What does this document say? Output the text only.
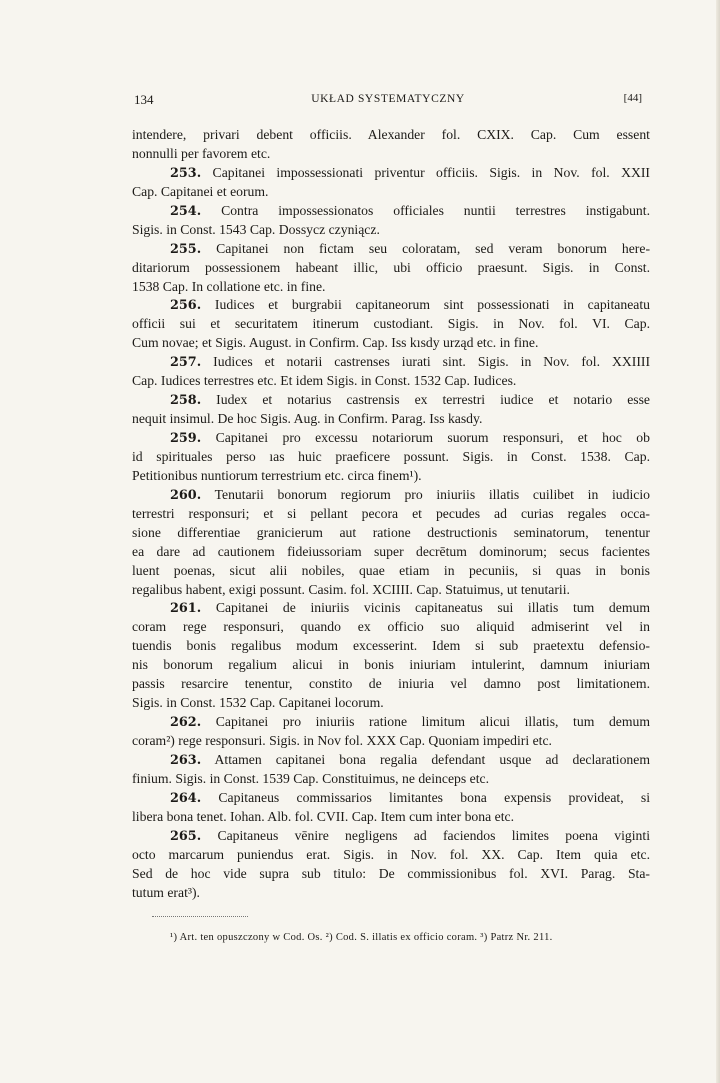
134	UKŁAD SYSTEMATYCZNY	[44]
intendere, privari debent officiis. Alexander fol. CXIX. Cap. Cum essent
nonnulli per favorem etc.
253. Capitanei impossessionati priventur officiis. Sigis. in Nov. fol. XXII
Cap. Capitanei et eorum.
254. Contra impossessionatos officiales nuntii terrestres instigabunt.
Sigis. in Const. 1543 Cap. Dossycz czyniącz.
255. Capitanei non fictam seu coloratam, sed veram bonorum here-
ditariorum possessionem habeant illic, ubi officio praesunt. Sigis. in Const.
1538 Cap. In collatione etc. in fine.
256. Iudices et burgrabii capitaneorum sint possessionati in capitaneatu
officii sui et securitatem itinerum custodiant. Sigis. in Nov. fol. VI. Cap.
Cum novae; et Sigis. August. in Confirm. Cap. Iss kısdy urząd etc. in fine.
257. Iudices et notarii castrenses iurati sint. Sigis. in Nov. fol. XXIIII
Cap. Iudices terrestres etc. Et idem Sigis. in Const. 1532 Cap. Iudices.
258. Iudex et notarius castrensis ex terrestri iudice et notario esse
nequit insimul. De hoc Sigis. Aug. in Confirm. Parag. Iss kasdy.
259. Capitanei pro excessu notariorum suorum responsuri, et hoc ob
id spirituales perso ıas huic praeficere possunt. Sigis. in Const. 1538. Cap.
Petitionibus nuntiorum terrestrium etc. circa finem¹).
260. Tenutarii bonorum regiorum pro iniuriis illatis cuilibet in iudicio
terrestri responsuri; et si pellant pecora et pecudes ad curias regales occa-
sione differentiae granicierum aut ratione destructionis seminatorum, tenentur
ea dare ad cautionem fideiussoriam super decrētum dominorum; secus facientes
luent poenas, sicut alii nobiles, quae etiam in pecuniis, si quas in bonis
regalibus habent, exigi possunt. Casim. fol. XCIIII. Cap. Statuimus, ut tenutarii.
261. Capitanei de iniuriis vicinis capitaneatus sui illatis tum demum
coram rege responsuri, quando ex officio suo aliquid admiserint vel in
tuendis bonis regalibus modum excesserint. Idem si sub praetextu defensio-
nis bonorum regalium alicui in bonis iniuriam intulerint, damnum iniuriam
passis resarcire tenentur, constito de iniuria vel damno post limitationem.
Sigis. in Const. 1532 Cap. Capitanei locorum.
262. Capitanei pro iniuriis ratione limitum alicui illatis, tum demum
coram²) rege responsuri. Sigis. in Nov fol. XXX Cap. Quoniam impediri etc.
263. Attamen capitanei bona regalia defendant usque ad declarationem
finium. Sigis. in Const. 1539 Cap. Constituimus, ne deinceps etc.
264. Capitaneus commissarios limitantes bona expensis provideat, si
libera bona tenet. Iohan. Alb. fol. CVII. Cap. Item cum inter bona etc.
265. Capitaneus vēnire negligens ad faciendos limites poena viginti
octo marcarum puniendus erat. Sigis. in Nov. fol. XX. Cap. Item quia etc.
Sed de hoc vide supra sub titulo: De commissionibus fol. XVI. Parag. Sta-
tutum erat³).
¹) Art. ten opuszczony w Cod. Os. ²) Cod. S. illatis ex officio coram. ³) Patrz Nr. 211.
